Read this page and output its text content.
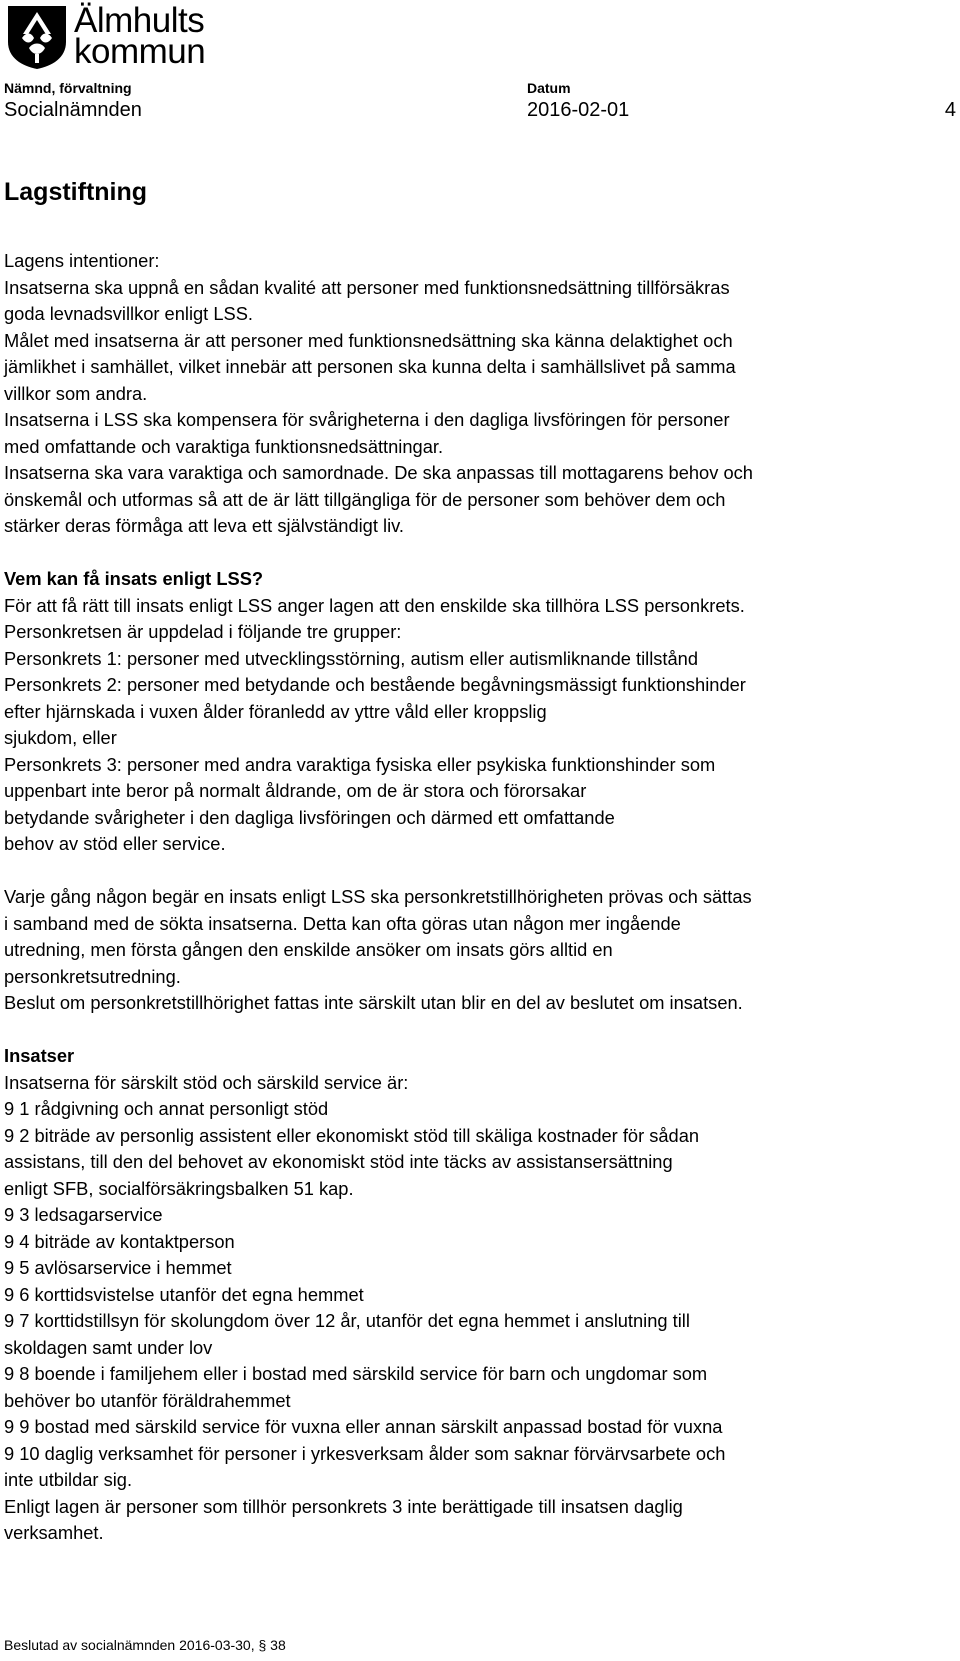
Älmhults
kommun
Nämnd, förvaltning
Socialnämnden
Datum
2016-02-01	4
Lagstiftning
Lagens intentioner:
Insatserna ska uppnå en sådan kvalité att personer med funktionsnedsättning tillförsäkras
goda levnadsvillkor enligt LSS.
Målet med insatserna är att personer med funktionsnedsättning ska känna delaktighet och
jämlikhet i samhället, vilket innebär att personen ska kunna delta i samhällslivet på samma
villkor som andra.
Insatserna i LSS ska kompensera för svårigheterna i den dagliga livsföringen för personer
med omfattande och varaktiga funktionsnedsättningar.
Insatserna ska vara varaktiga och samordnade. De ska anpassas till mottagarens behov och
önskemål och utformas så att de är lätt tillgängliga för de personer som behöver dem och
stärker deras förmåga att leva ett självständigt liv.
Vem kan få insats enligt LSS?
För att få rätt till insats enligt LSS anger lagen att den enskilde ska tillhöra LSS personkrets.
Personkretsen är uppdelad i följande tre grupper:
Personkrets 1: personer med utvecklingsstörning, autism eller autismliknande tillstånd
Personkrets 2: personer med betydande och bestående begåvningsmässigt funktionshinder
efter hjärnskada i vuxen ålder föranledd av yttre våld eller kroppslig
sjukdom, eller
Personkrets 3: personer med andra varaktiga fysiska eller psykiska funktionshinder som
uppenbart inte beror på normalt åldrande, om de är stora och förorsakar
betydande svårigheter i den dagliga livsföringen och därmed ett omfattande
behov av stöd eller service.
Varje gång någon begär en insats enligt LSS ska personkretstillhörigheten prövas och sättas
i samband med de sökta insatserna. Detta kan ofta göras utan någon mer ingående
utredning, men första gången den enskilde ansöker om insats görs alltid en
personkretsutredning.
Beslut om personkretstillhörighet fattas inte särskilt utan blir en del av beslutet om insatsen.
Insatser
Insatserna för särskilt stöd och särskild service är:
9 1 rådgivning och annat personligt stöd
9 2 biträde av personlig assistent eller ekonomiskt stöd till skäliga kostnader för sådan
assistans, till den del behovet av ekonomiskt stöd inte täcks av assistansersättning
enligt SFB, socialförsäkringsbalken 51 kap.
9 3 ledsagarservice
9 4 biträde av kontaktperson
9 5 avlösarservice i hemmet
9 6 korttidsvistelse utanför det egna hemmet
9 7 korttidstillsyn för skolungdom över 12 år, utanför det egna hemmet i anslutning till
skoldagen samt under lov
9 8 boende i familjehem eller i bostad med särskild service för barn och ungdomar som
behöver bo utanför föräldrahemmet
9 9 bostad med särskild service för vuxna eller annan särskilt anpassad bostad för vuxna
9 10 daglig verksamhet för personer i yrkesverksam ålder som saknar förvärvsarbete och
inte utbildar sig.
Enligt lagen är personer som tillhör personkrets 3 inte berättigade till insatsen daglig
verksamhet.
Beslutad av socialnämnden 2016-03-30, § 38
